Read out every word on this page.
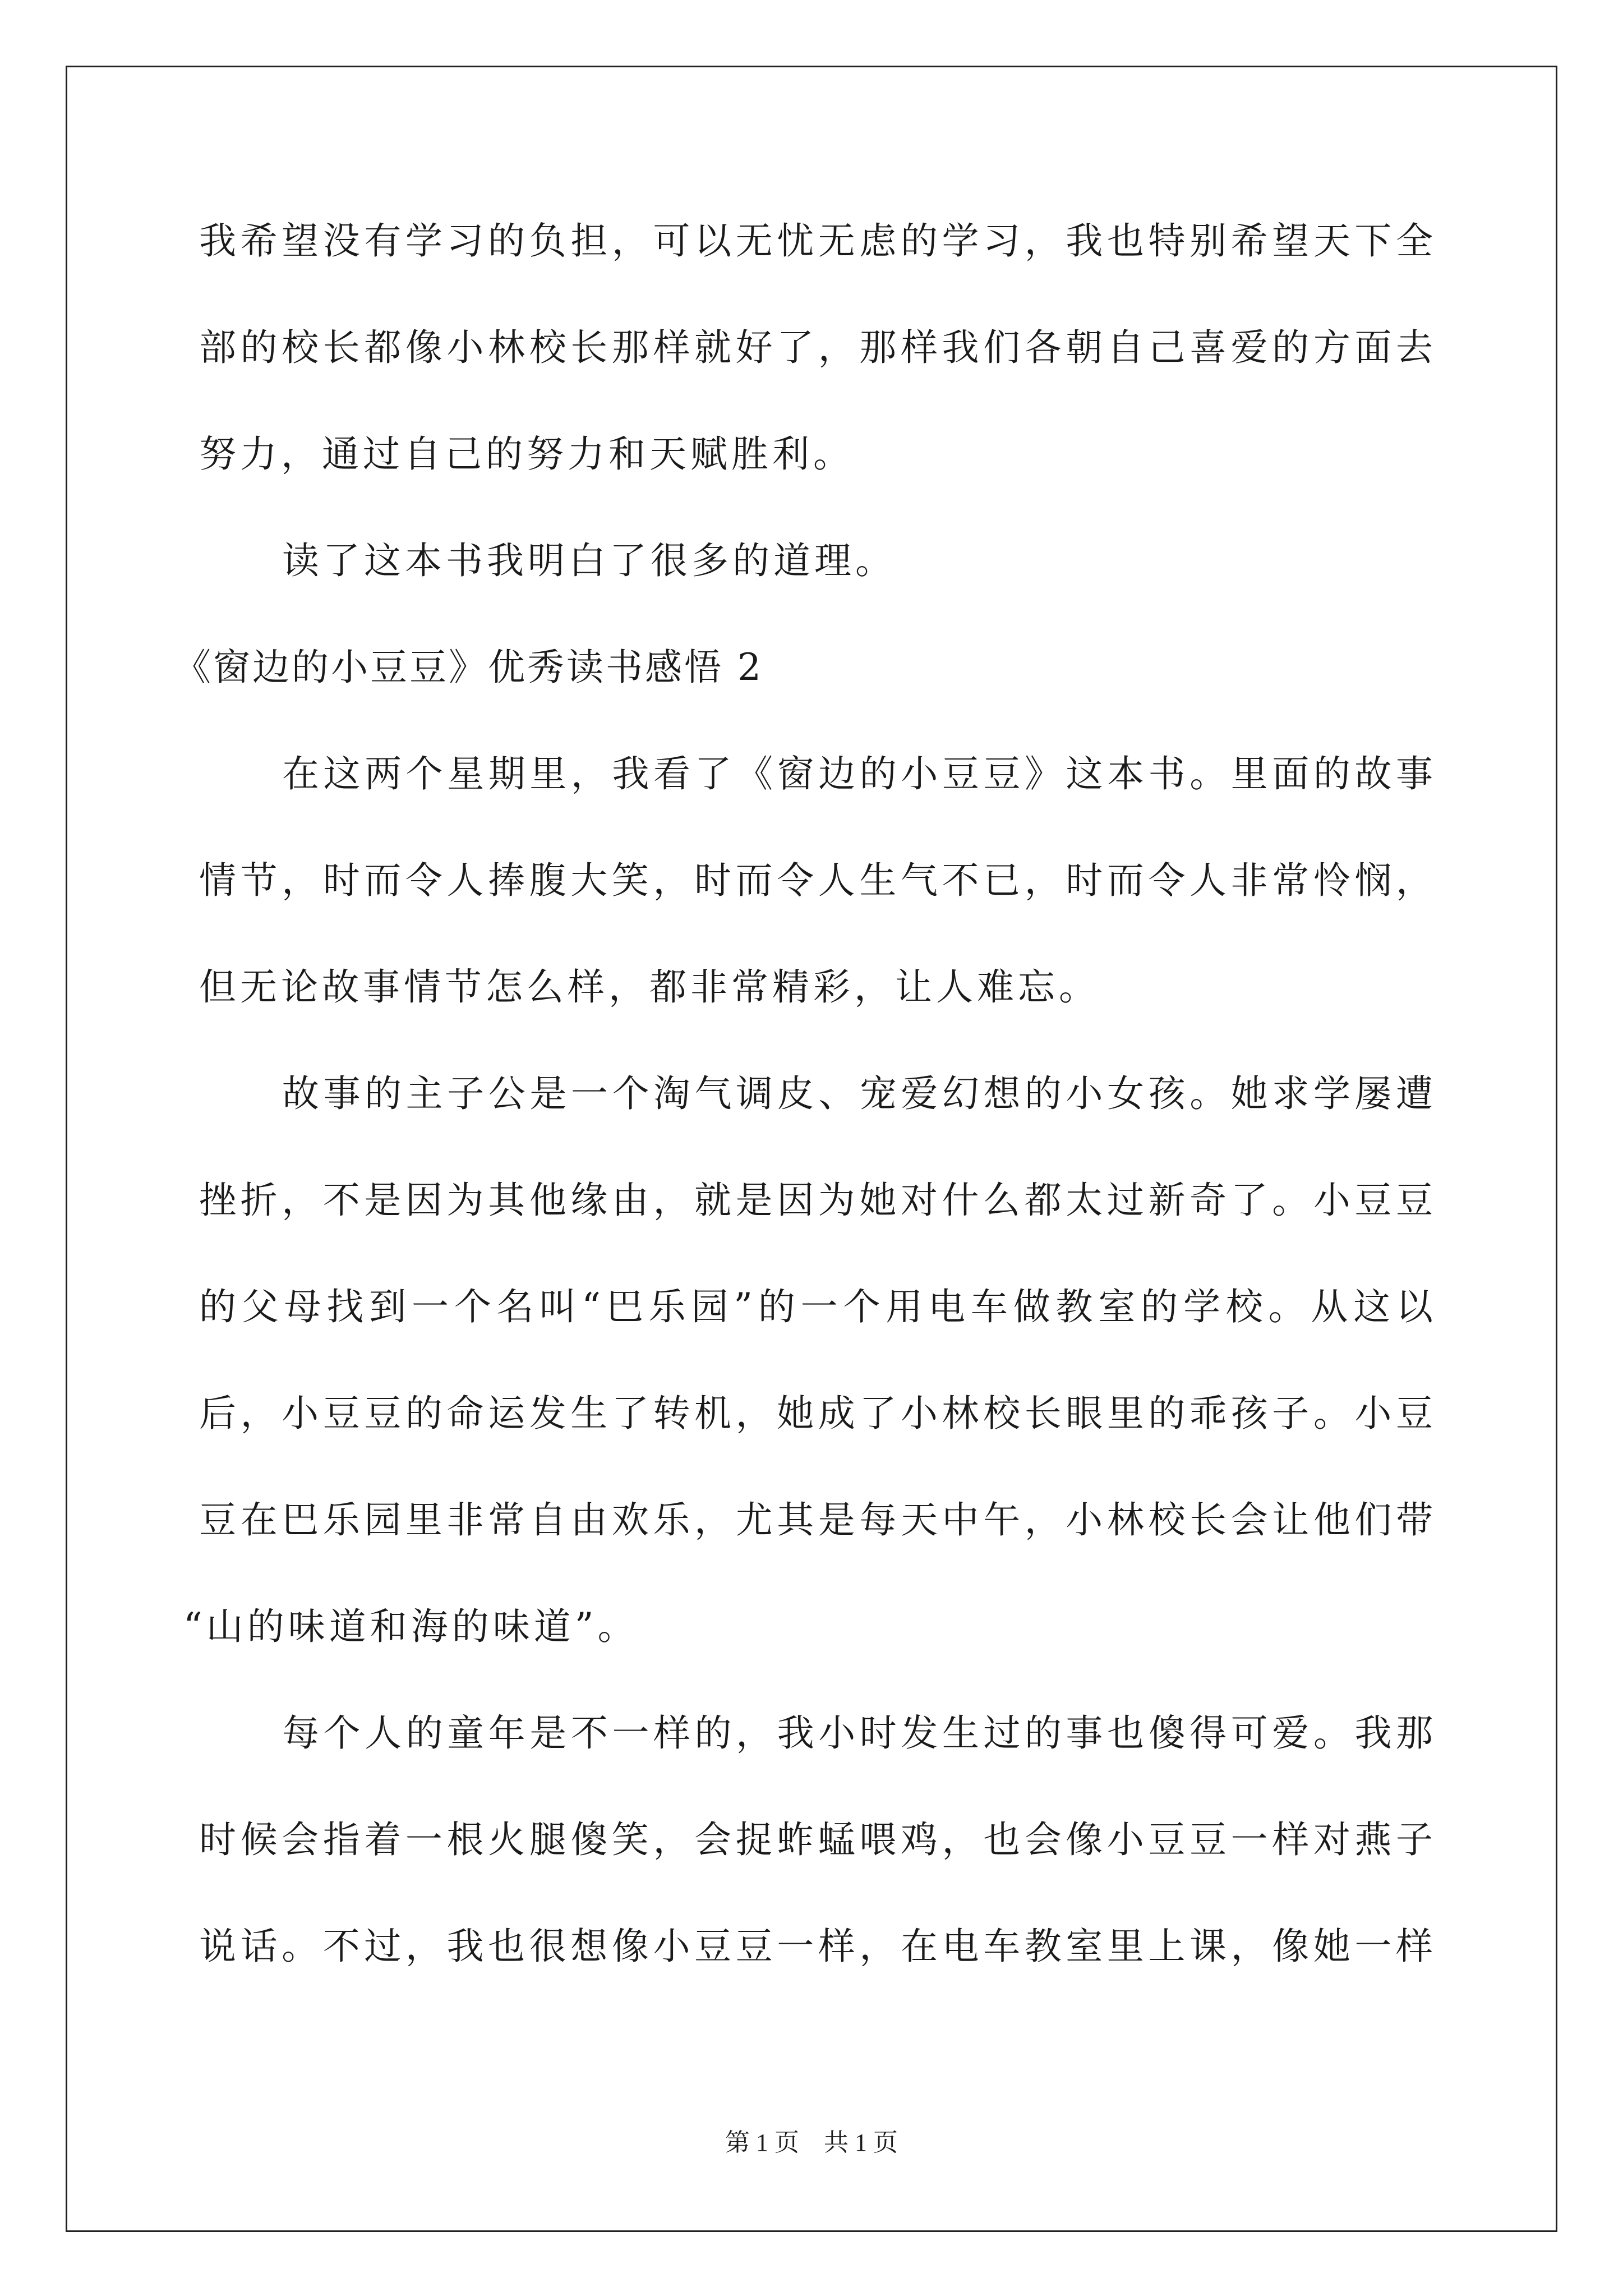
我希望没有学习的负担，可以无忧无虑的学习，我也特别希望天下全
部的校长都像小林校长那样就好了，那样我们各朝自己喜爱的方面去
努力，通过自己的努力和天赋胜利。
读了这本书我明白了很多的道理。
《窗边的小豆豆》优秀读书感悟 2
在这两个星期里，我看了《窗边的小豆豆》这本书。里面的故事
情节，时而令人捧腹大笑，时而令人生气不已，时而令人非常怜悯，
但无论故事情节怎么样，都非常精彩，让人难忘。
故事的主子公是一个淘气调皮、宠爱幻想的小女孩。她求学屡遭
挫折，不是因为其他缘由，就是因为她对什么都太过新奇了。小豆豆
的父母找到一个名叫“巴乐园”的一个用电车做教室的学校。从这以
后，小豆豆的命运发生了转机，她成了小林校长眼里的乖孩子。小豆
豆在巴乐园里非常自由欢乐，尤其是每天中午，小林校长会让他们带
“山的味道和海的味道”。
每个人的童年是不一样的，我小时发生过的事也傻得可爱。我那
时候会指着一根火腿傻笑，会捉蚱蜢喂鸡，也会像小豆豆一样对燕子
说话。不过，我也很想像小豆豆一样，在电车教室里上课，像她一样
第 1 页 共 1 页
